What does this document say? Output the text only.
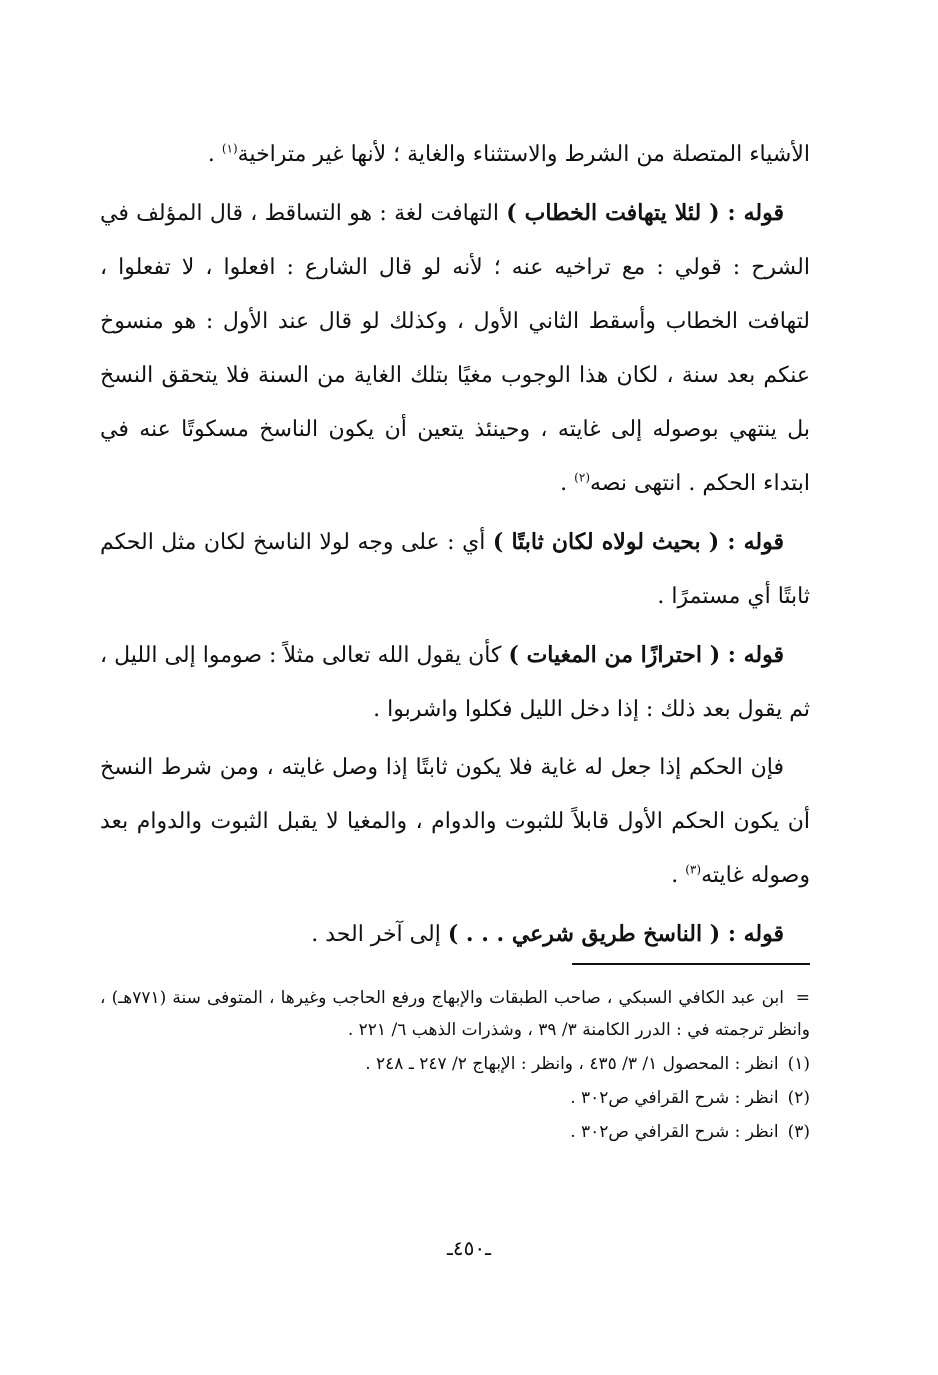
الأشياء المتصلة من الشرط والاستثناء والغاية ؛ لأنها غير متراخية$^{(١)}$ .

قوله : ( لئلا يتهافت الخطاب ) التهافت لغة : هو التساقط ، قال المؤلف في الشرح : قولي : مع تراخيه عنه ؛ لأنه لو قال الشارع : افعلوا ، لا تفعلوا ، لتهافت الخطاب وأسقط الثاني الأول ، وكذلك لو قال عند الأول : هو منسوخ عنكم بعد سنة ، لكان هذا الوجوب مغيًا بتلك الغاية من السنة فلا يتحقق النسخ بل ينتهي بوصوله إلى غايته ، وحينئذ يتعين أن يكون الناسخ مسكوتًا عنه في ابتداء الحكم . انتهى نصه$^{(٢)}$ .

قوله : ( بحيث لولاه لكان ثابتًا ) أي : على وجه لولا الناسخ لكان مثل الحكم ثابتًا أي مستمرًا .

قوله : ( احترازًا من المغيات ) كأن يقول الله تعالى مثلاً : صوموا إلى الليل ، ثم يقول بعد ذلك : إذا دخل الليل فكلوا واشربوا .

فإن الحكم إذا جعل له غاية فلا يكون ثابتًا إذا وصل غايته ، ومن شرط النسخ أن يكون الحكم الأول قابلاً للثبوت والدوام ، والمغيا لا يقبل الثبوت والدوام بعد وصوله غايته$^{(٣)}$ .

قوله : ( الناسخ طريق شرعي . . . ) إلى آخر الحد .

=ابن عبد الكافي السبكي ، صاحب الطبقات والإبهاج ورفع الحاجب وغيرها ، المتوفى سنة (٧٧١هـ) ، وانظر ترجمته في : الدرر الكامنة ٣/ ٣٩ ، وشذرات الذهب ٦/ ٢٢١ .
(١) انظر : المحصول ١/ ٣/ ٤٣٥ ، وانظر : الإبهاج ٢/ ٢٤٧ ـ ٢٤٨ .
(٢) انظر : شرح القرافي ص٣٠٢ .
(٣) انظر : شرح القرافي ص٣٠٢ .
ـ٤٥٠ـ
